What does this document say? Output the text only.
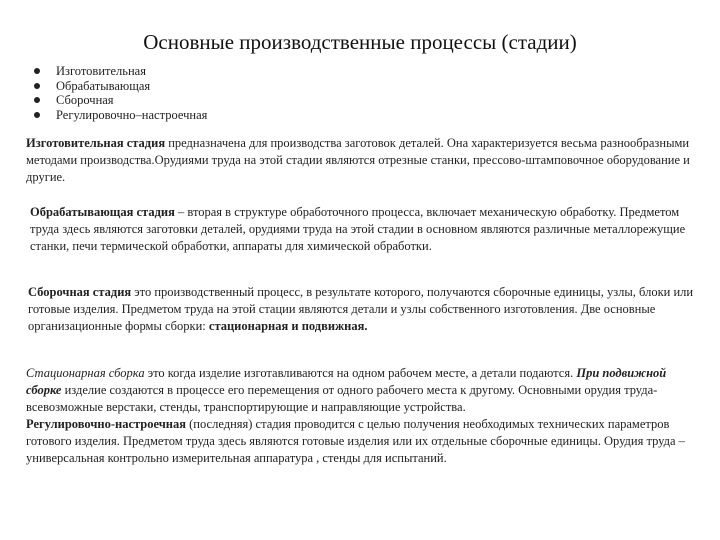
Основные производственные процессы (стадии)
Изготовительная
Обрабатывающая
Сборочная
Регулировочно–настроечная
Изготовительная стадия предназначена для производства заготовок деталей. Она характеризуется весьма разнообразными методами производства.Орудиями труда на этой стадии являются отрезные станки, прессово-штамповочное оборудование и другие.
Обрабатывающая стадия – вторая в структуре обработочного процесса, включает механическую обработку. Предметом труда здесь являются заготовки деталей, орудиями труда на этой стадии в основном являются различные металлорежущие станки, печи термической обработки, аппараты для химической обработки.
Сборочная стадия это производственный процесс, в результате которого, получаются сборочные единицы, узлы, блоки или готовые изделия. Предметом труда на этой стации являются детали и узлы собственного изготовления. Две основные организационные формы сборки: стационарная и подвижная.
Стационарная сборка это когда изделие изготавливаются на одном рабочем месте, а детали подаются. При подвижной сборке изделие создаются в процессе его перемещения от одного рабочего места к другому. Основными орудия труда- всевозможные верстаки, стенды, транспортирующие и направляющие устройства.
Регулировочно-настроечная (последняя) стадия проводится с целью получения необходимых технических параметров готового изделия. Предметом труда здесь являются готовые изделия или их отдельные сборочные единицы. Орудия труда – универсальная контрольно измерительная аппаратура , стенды для испытаний.
